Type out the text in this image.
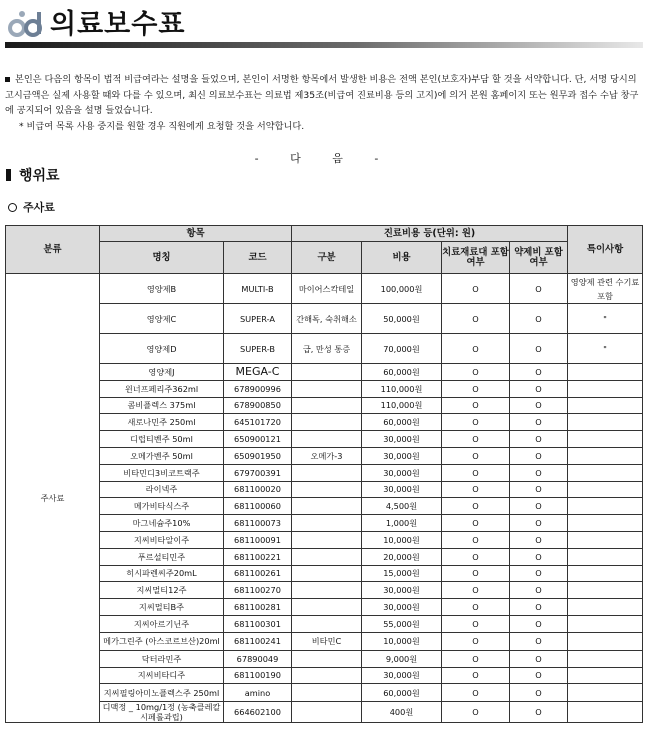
의료보수표

본인은 다음의 항목이 법적 비급여라는 설명을 들었으며, 본인이 서명한 항목에서 발생한 비용은 전액 본인(보호자)부담 할 것을 서약합니다. 단, 서명 당시의 고시금액은 실제 사용할 때와 다를 수 있으며, 최신 의료보수표는 의료법 제35조(비급여 진료비용 등의 고지)에 의거 본원 홈페이지 또는 원무과 접수 수납 창구에 공지되어 있음을 설명 들었습니다.

* 비급여 목록 사용 중지를 원할 경우 직원에게 요청할 것을 서약합니다.

- 다 음 -
행위료
주사료
분류	항목		진료비용 등(단위: 원)				특이사항
	명칭	코드	구분	비용	치료재료대 포함여부	약제비 포함여부	
주사료	영양제B	MULTI-B	마이어스칵테일	100,000원	O	O	영양제 관련 수기료 포함
	영양제C	SUPER-A	간해독, 숙취해소	50,000원	O	O	"
	영양제D	SUPER-B	급, 만성 통증	70,000원	O	O	"
	영양제J	MEGA-C		60,000원	O	O	
	윈너프페리주362ml	678900996		110,000원	O	O	
	콤비플렉스 375ml	678900850		110,000원	O	O	
	새로나민주 250ml	645101720		60,000원	O	O	
	디럽티벤주 50ml	650900121		30,000원	O	O	
	오메가벤주 50ml	650901950	오메가-3	30,000원	O	O	
	비타민디3비코트랙주	679700391		30,000원	O	O	
	라이넥주	681100020		30,000원	O	O	
	메가비타식스주	681100060		4,500원	O	O	
	마그네슘주10%	681100073		1,000원	O	O	
	지씨비타알이주	681100091		10,000원	O	O	
	푸르설티민주	681100221		20,000원	O	O	
	히시파렌씨주20mL	681100261		15,000원	O	O	
	지씨멀티12주	681100270		30,000원	O	O	
	지씨멀티B주	681100281		30,000원	O	O	
	지씨아르기닌주	681100301		55,000원	O	O	
	메가그린주 (아스코르브산)20ml	681100241	비타민C	10,000원	O	O	
	닥터라민주	67890049		9,000원	O	O	
	지씨비타디주	681100190		30,000원	O	O	
	지씨필링아미노플렉스주 250ml	amino		60,000원	O	O	
	디맥정 _ 10mg/1정 (농축클레칼시페롤과립)	664602100		400원	O	O	
